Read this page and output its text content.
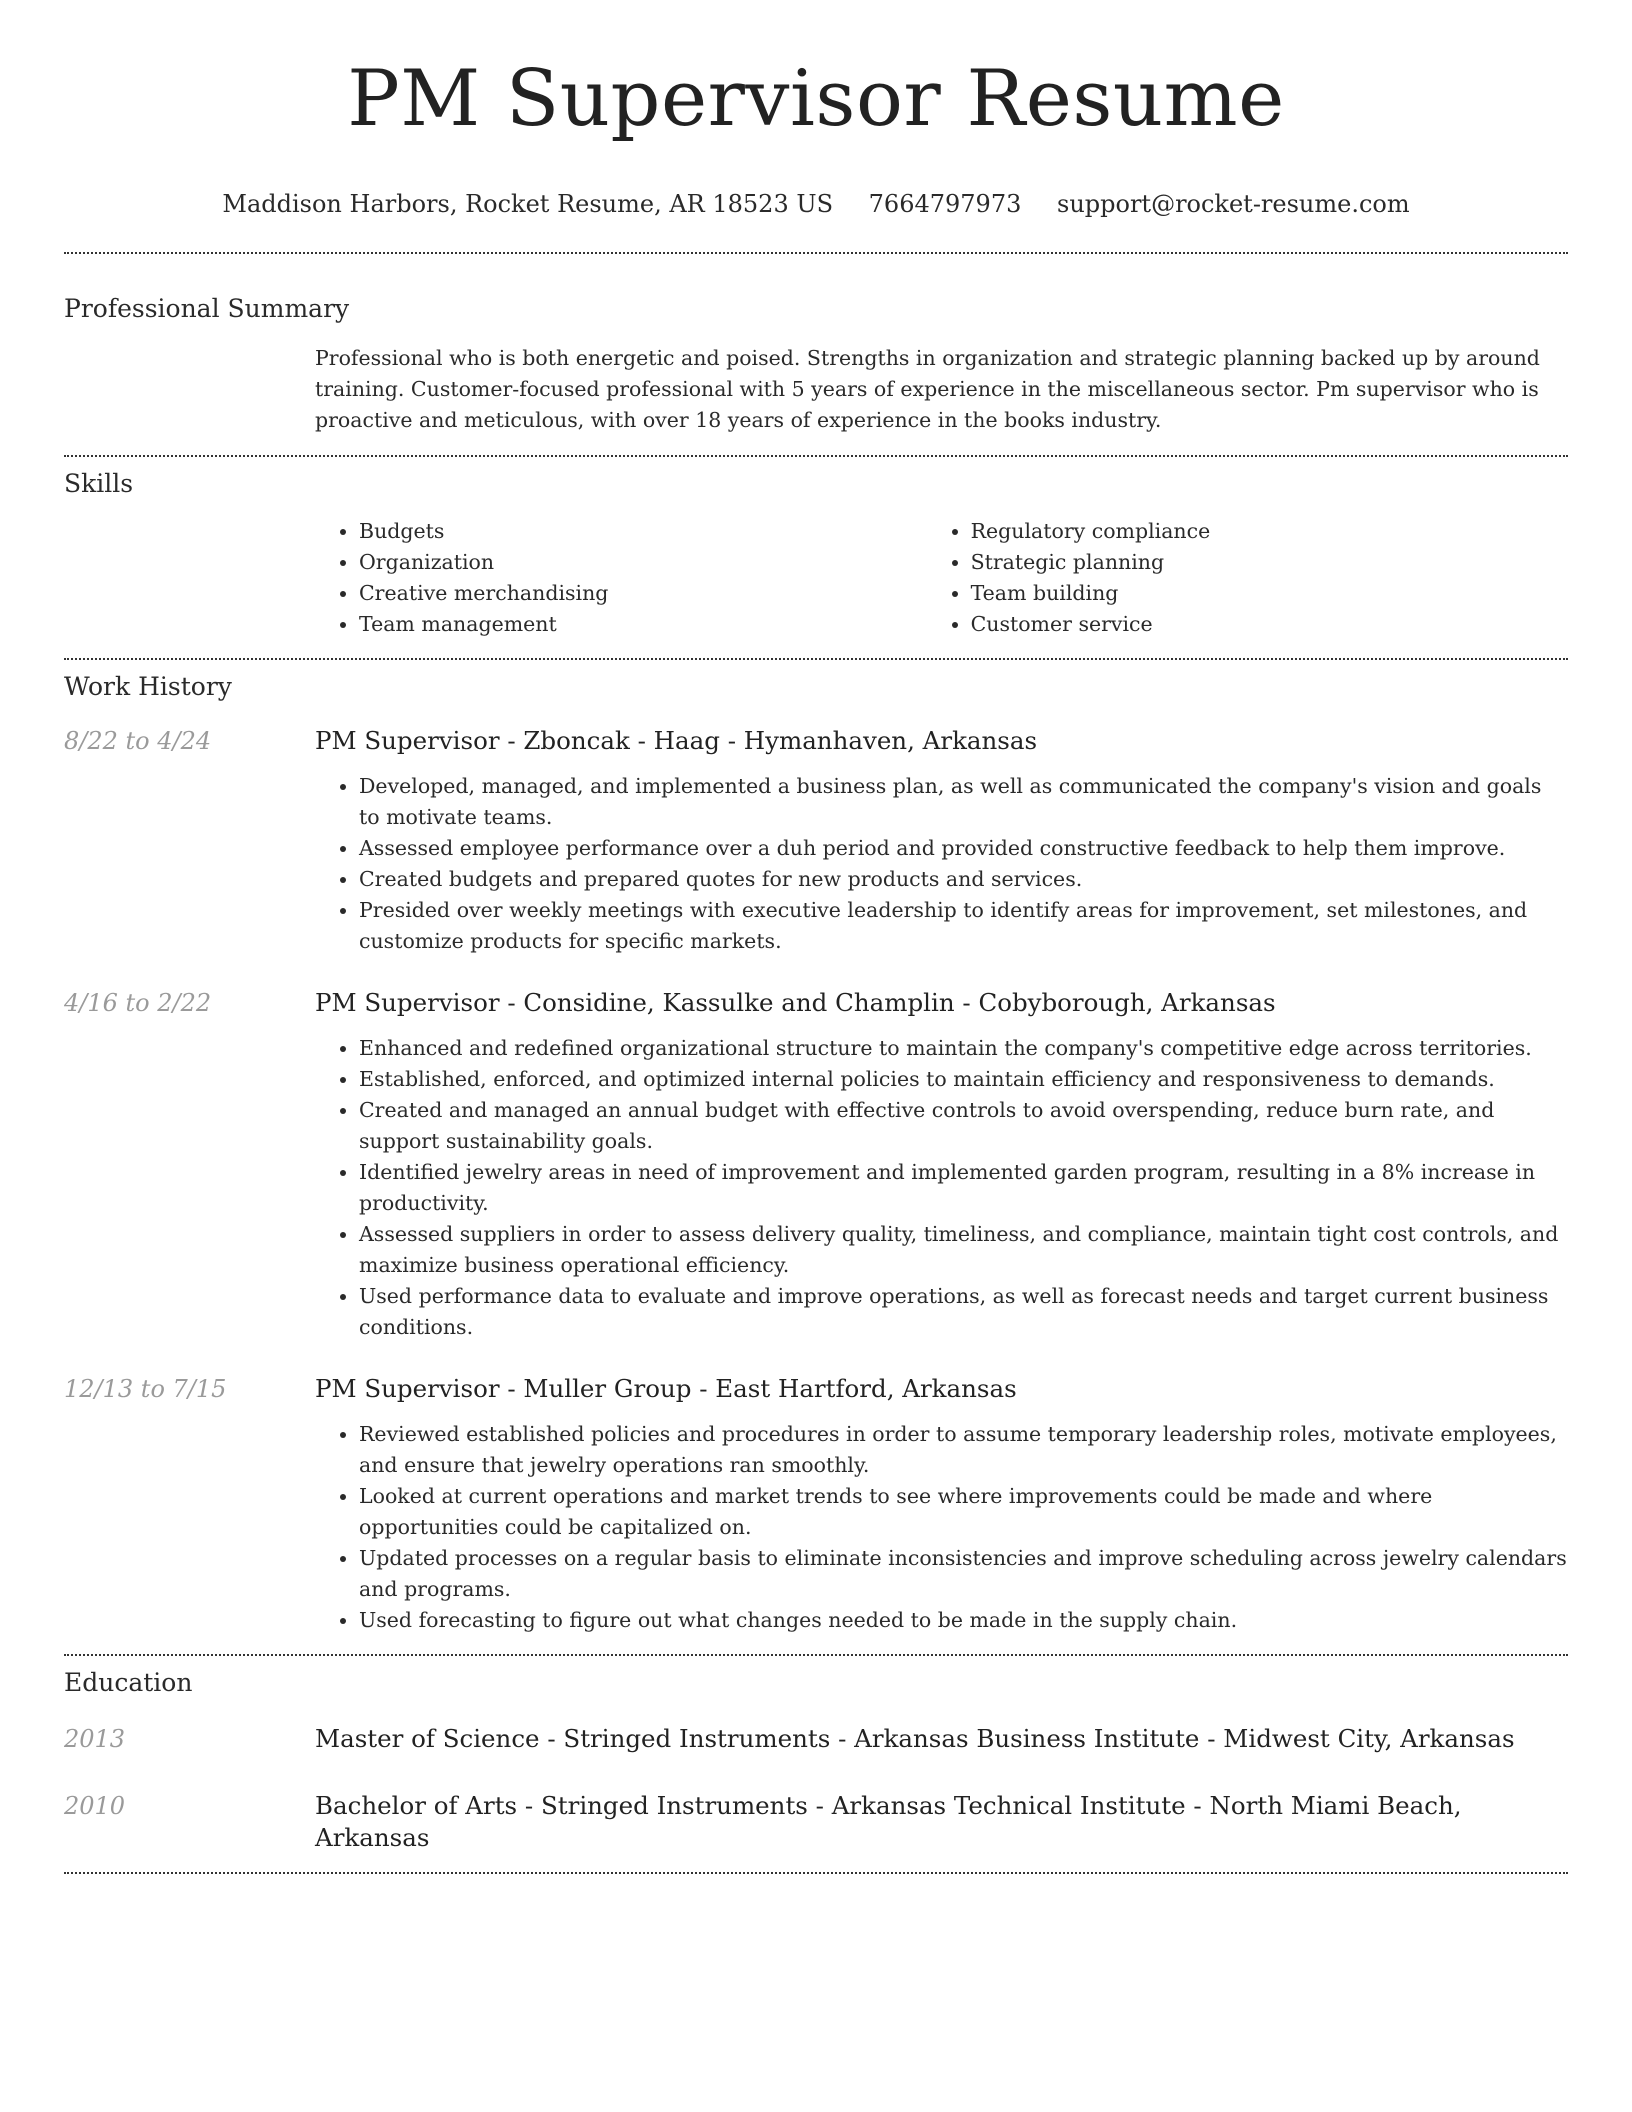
PM Supervisor Resume
Maddison Harbors, Rocket Resume, AR 18523 US 7664797973 support@rocket-resume.com
Professional Summary

Professional who is both energetic and poised. Strengths in organization and strategic planning backed up by around training. Customer-focused professional with 5 years of experience in the miscellaneous sector. Pm supervisor who is proactive and meticulous, with over 18 years of experience in the books industry.

Skills
• Budgets
• Organization
• Creative merchandising
• Team management
• Regulatory compliance
• Strategic planning
• Team building
• Customer service
Work History
8/22 to 4/24	PM Supervisor - Zboncak - Haag - Hymanhaven, Arkansas
• Developed, managed, and implemented a business plan, as well as communicated the company's vision and goals to motivate teams.
• Assessed employee performance over a duh period and provided constructive feedback to help them improve.
• Created budgets and prepared quotes for new products and services.
• Presided over weekly meetings with executive leadership to identify areas for improvement, set milestones, and customize products for specific markets.
4/16 to 2/22	PM Supervisor - Considine, Kassulke and Champlin - Cobyborough, Arkansas
• Enhanced and redefined organizational structure to maintain the company's competitive edge across territories.
• Established, enforced, and optimized internal policies to maintain efficiency and responsiveness to demands.
• Created and managed an annual budget with effective controls to avoid overspending, reduce burn rate, and support sustainability goals.
• Identified jewelry areas in need of improvement and implemented garden program, resulting in a 8% increase in productivity.
• Assessed suppliers in order to assess delivery quality, timeliness, and compliance, maintain tight cost controls, and maximize business operational efficiency.
• Used performance data to evaluate and improve operations, as well as forecast needs and target current business conditions.
12/13 to 7/15	PM Supervisor - Muller Group - East Hartford, Arkansas
• Reviewed established policies and procedures in order to assume temporary leadership roles, motivate employees, and ensure that jewelry operations ran smoothly.
• Looked at current operations and market trends to see where improvements could be made and where opportunities could be capitalized on.
• Updated processes on a regular basis to eliminate inconsistencies and improve scheduling across jewelry calendars and programs.
• Used forecasting to figure out what changes needed to be made in the supply chain.
Education
2013	Master of Science - Stringed Instruments - Arkansas Business Institute - Midwest City, Arkansas
2010	Bachelor of Arts - Stringed Instruments - Arkansas Technical Institute - North Miami Beach, Arkansas
